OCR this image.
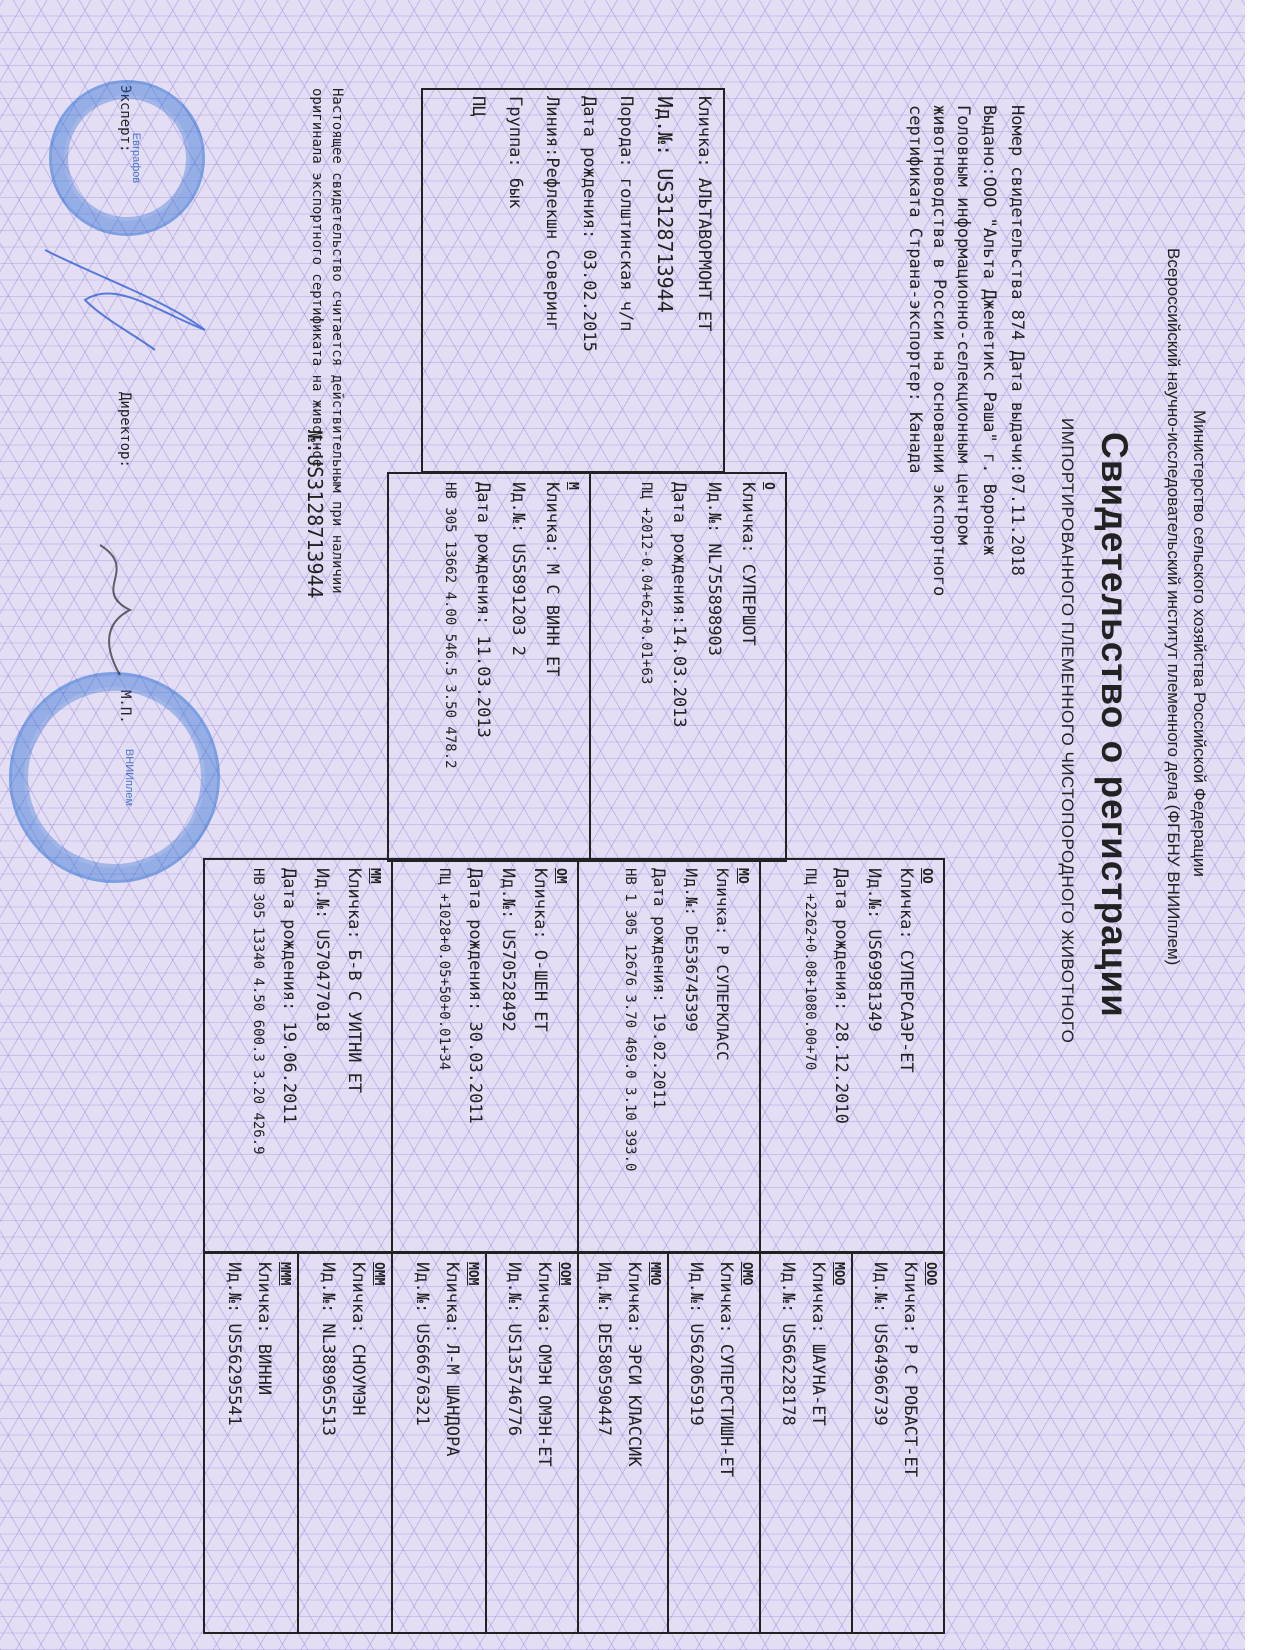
Министерство сельского хозяйства Российской Федерации
Всероссийский научно-исследовательский институт племенного дела (ФГБНУ ВНИИплем)
Свидетельство о регистрации
ИМПОРТИРОВАННОГО ПЛЕМЕННОГО ЧИСТОПОРОДНОГО ЖИВОТНОГО
Номер свидетельства 874 Дата выдачи:07.11.2018
Выдано:ООО "Альта Дженетикс Раша" г. Воронеж
Головным информационно-селекционным центром
животноводства в России на основании экспортного
сертификата Страна-экспортер: Канада
Кличка: АЛЬТАВОРМОНТ ЕТ
Ид.№: US3128713944
Порода: голштинская ч/п
Дата рождения: 03.02.2015
Линия:Рефлекшн Соверинг
Группа: бык
ПЦ
О
Кличка: СУПЕРШОТ
Ид.№: NL755898903
Дата рождения:14.03.2013
ПЦ +2012-0.04+62+0.01+63
М
Кличка: М С ВИНН ЕТ
Ид.№: US5891203 2
Дата рождения: 11.03.2013
HB 305 13662 4.00 546.5 3.50 478.2
ОО
Кличка: СУПЕРСАЭР-ЕТ
Ид.№: US69981349
Дата рождения: 28.12.2010
ПЦ +2262+0.08+1080.00+70
МО
Кличка: Р СУПЕРКЛАСС
Ид.№: DE536745399
Дата рождения: 19.02.2011
HB 1 305 12676 3.70 469.0 3.10 393.0
ОМ
Кличка: О-ШЕН ЕТ
Ид.№: US70528492
Дата рождения: 30.03.2011
ПЦ +1028+0.05+50+0.01+34
ММ
Кличка: Б-В С УИТНИ ЕТ
Ид.№: US70477018
Дата рождения: 19.06.2011
HB 305 13340 4.50 600.3 3.20 426.9
ООО
Кличка: Р С РОБАСТ-ЕТ
Ид.№: US64966739
МОО
Кличка: ШАУНА-ЕТ
Ид.№: US66228178
ОМО
Кличка: СУПЕРСТИШН-ЕТ
Ид.№: US62065919
ММО
Кличка: ЭРСИ КЛАССИК
Ид.№: DE580590447
ООМ
Кличка: ОМЭН ОМЭН-ЕТ
Ид.№: US135746776
МОМ
Кличка: Л-М ШАНДОРА
Ид.№: US66676321
ОММ
Кличка: СНОУМЭН
Ид.№: NL388965513
МММ
Кличка: ВИННИ
Ид.№: US56295541
Настоящее свидетельство считается действительным при наличии
оригинала экспортного сертификата на животное
№:US3128713944
Эксперт:
Директор:
М.П.
Евграфов
ВНИИплем
